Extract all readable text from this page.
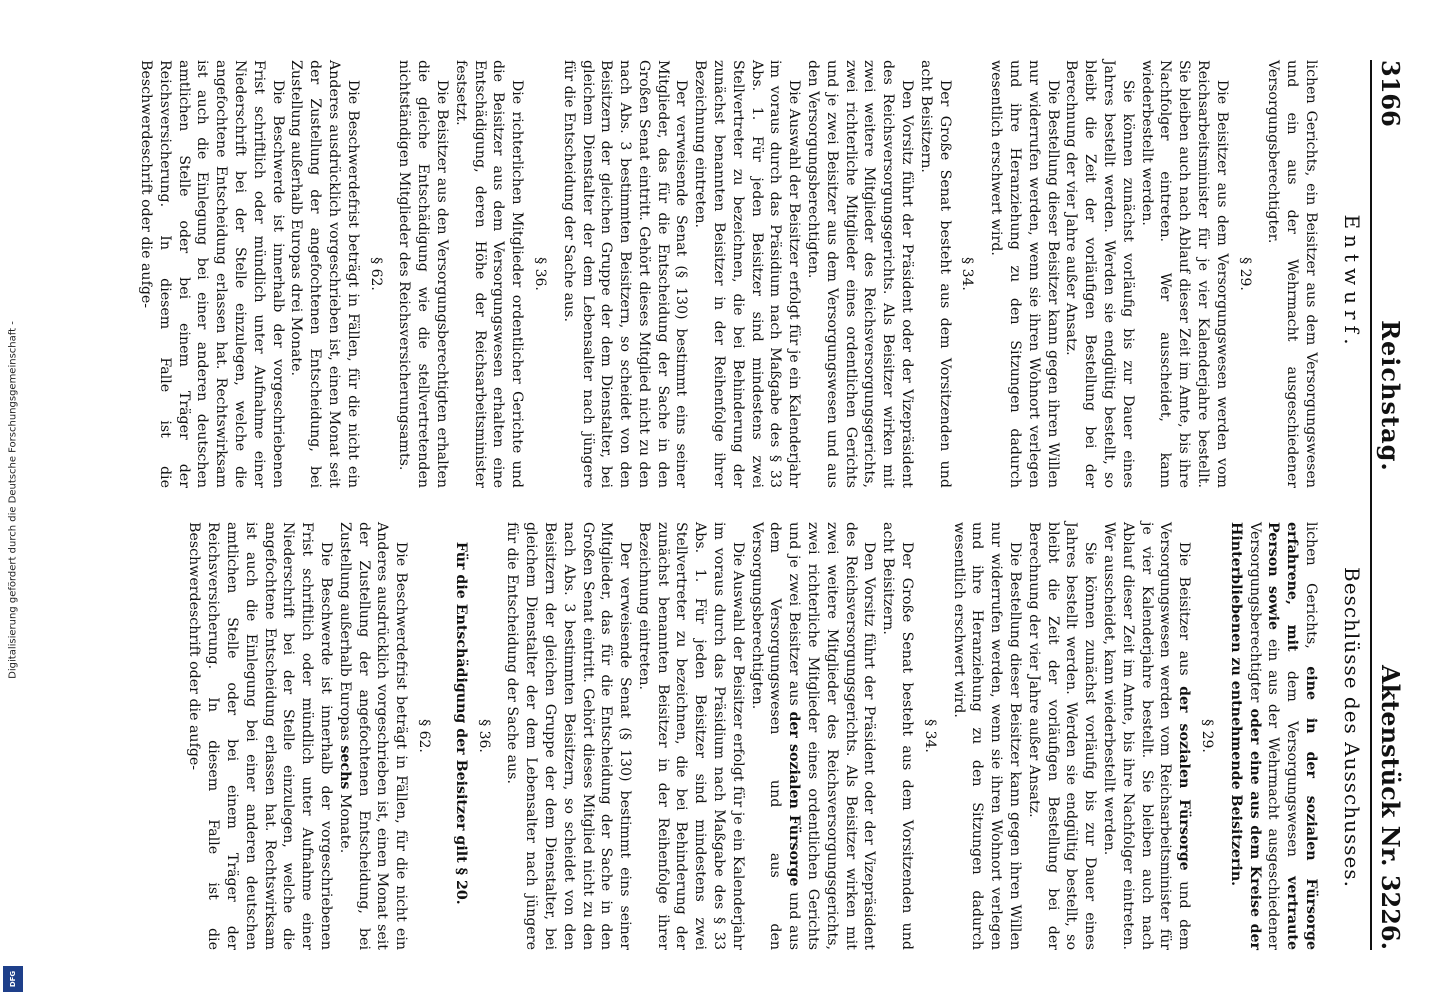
Digitalisierung gefördert durch die Deutsche Forschungsgemeinschaft -
DFG
3166
Reichstag.
Aktenstück Nr. 3226.
Entwurf.
Beschlüsse des Ausschusses.

lichen Gerichts, ein Beisitzer aus dem Versorgungswesen und ein aus der Wehrmacht ausgeschiedener Versorgungsberechtigter.

§ 29.

Die Beisitzer aus dem Versorgungswesen werden vom Reichsarbeitsminister für je vier Kalenderjahre bestellt. Sie bleiben auch nach Ablauf dieser Zeit im Amte, bis ihre Nachfolger eintreten. Wer ausscheidet, kann wiederbestellt werden.

Sie können zunächst vorläufig bis zur Dauer eines Jahres bestellt werden. Werden sie endgültig bestellt, so bleibt die Zeit der vorläufigen Bestellung bei der Berechnung der vier Jahre außer Ansatz.

Die Bestellung dieser Beisitzer kann gegen ihren Willen nur widerrufen werden, wenn sie ihren Wohnort verlegen und ihre Heranziehung zu den Sitzungen dadurch wesentlich erschwert wird.

§ 34.

Der Große Senat besteht aus dem Vorsitzenden und acht Beisitzern.

Den Vorsitz führt der Präsident oder der Vizepräsident des Reichsversorgungsgerichts. Als Beisitzer wirken mit zwei weitere Mitglieder des Reichsversorgungsgerichts, zwei richterliche Mitglieder eines ordentlichen Gerichts und je zwei Beisitzer aus dem Versorgungswesen und aus den Versorgungsberechtigten.

Die Auswahl der Beisitzer erfolgt für je ein Kalenderjahr im voraus durch das Präsidium nach Maßgabe des § 33 Abs. 1. Für jeden Beisitzer sind mindestens zwei Stellvertreter zu bezeichnen, die bei Behinderung der zunächst benannten Beisitzer in der Reihenfolge ihrer Bezeichnung eintreten.

Der verweisende Senat (§ 130) bestimmt eins seiner Mitglieder, das für die Entscheidung der Sache in den Großen Senat eintritt. Gehört dieses Mitglied nicht zu den nach Abs. 3 bestimmten Beisitzern, so scheidet von den Beisitzern der gleichen Gruppe der dem Dienstalter, bei gleichem Dienstalter der dem Lebensalter nach jüngere für die Entscheidung der Sache aus.

§ 36.

Die richterlichen Mitglieder ordentlicher Gerichte und die Beisitzer aus dem Versorgungswesen erhalten eine Entschädigung, deren Höhe der Reichsarbeitsminister festsetzt.

Die Beisitzer aus den Versorgungsberechtigten erhalten die gleiche Entschädigung wie die stellvertretenden nichtständigen Mitglieder des Reichsversicherungsamts.

§ 62.

Die Beschwerdefrist beträgt in Fällen, für die nicht ein Anderes ausdrücklich vorgeschrieben ist, einen Monat seit der Zustellung der angefochtenen Entscheidung, bei Zustellung außerhalb Europas drei Monate.

Die Beschwerde ist innerhalb der vorgeschriebenen Frist schriftlich oder mündlich unter Aufnahme einer Niederschrift bei der Stelle einzulegen, welche die angefochtene Entscheidung erlassen hat. Rechtswirksam ist auch die Einlegung bei einer anderen deutschen amtlichen Stelle oder bei einem Träger der Reichsversicherung. In diesem Falle ist die Beschwerdeschrift oder die aufge-

lichen Gerichts, eine in der sozialen Fürsorge erfahrene, mit dem Versorgungswesen vertraute Person sowie ein aus der Wehrmacht ausgeschiedener Versorgungsberechtigter oder eine aus dem Kreise der Hinterbliebenen zu entnehmende Beisitzerin.

§ 29.

Die Beisitzer aus der sozialen Fürsorge und dem Versorgungswesen werden vom Reichsarbeitsminister für je vier Kalenderjahre bestellt. Sie bleiben auch nach Ablauf dieser Zeit im Amte, bis ihre Nachfolger eintreten. Wer ausscheidet, kann wiederbestellt werden.

Sie können zunächst vorläufig bis zur Dauer eines Jahres bestellt werden. Werden sie endgültig bestellt, so bleibt die Zeit der vorläufigen Bestellung bei der Berechnung der vier Jahre außer Ansatz.

Die Bestellung dieser Beisitzer kann gegen ihren Willen nur widerrufen werden, wenn sie ihren Wohnort verlegen und ihre Heranziehung zu den Sitzungen dadurch wesentlich erschwert wird.

§ 34.

Der Große Senat besteht aus dem Vorsitzenden und acht Beisitzern.

Den Vorsitz führt der Präsident oder der Vizepräsident des Reichsversorgungsgerichts. Als Beisitzer wirken mit zwei weitere Mitglieder des Reichsversorgungsgerichts, zwei richterliche Mitglieder eines ordentlichen Gerichts und je zwei Beisitzer aus der sozialen Fürsorge und aus dem Versorgungswesen und aus den Versorgungsberechtigten.

Die Auswahl der Beisitzer erfolgt für je ein Kalenderjahr im voraus durch das Präsidium nach Maßgabe des § 33 Abs. 1. Für jeden Beisitzer sind mindestens zwei Stellvertreter zu bezeichnen, die bei Behinderung der zunächst benannten Beisitzer in der Reihenfolge ihrer Bezeichnung eintreten.

Der verweisende Senat (§ 130) bestimmt eins seiner Mitglieder, das für die Entscheidung der Sache in den Großen Senat eintritt. Gehört dieses Mitglied nicht zu den nach Abs. 3 bestimmten Beisitzern, so scheidet von den Beisitzern der gleichen Gruppe der dem Dienstalter, bei gleichem Dienstalter der dem Lebensalter nach jüngere für die Entscheidung der Sache aus.

§ 36.

Für die Entschädigung der Beisitzer gilt § 20.

§ 62.

Die Beschwerdefrist beträgt in Fällen, für die nicht ein Anderes ausdrücklich vorgeschrieben ist, einen Monat seit der Zustellung der angefochtenen Entscheidung, bei Zustellung außerhalb Europas sechs Monate.

Die Beschwerde ist innerhalb der vorgeschriebenen Frist schriftlich oder mündlich unter Aufnahme einer Niederschrift bei der Stelle einzulegen, welche die angefochtene Entscheidung erlassen hat. Rechtswirksam ist auch die Einlegung bei einer anderen deutschen amtlichen Stelle oder bei einem Träger der Reichsversicherung. In diesem Falle ist die Beschwerdeschrift oder die aufge-
